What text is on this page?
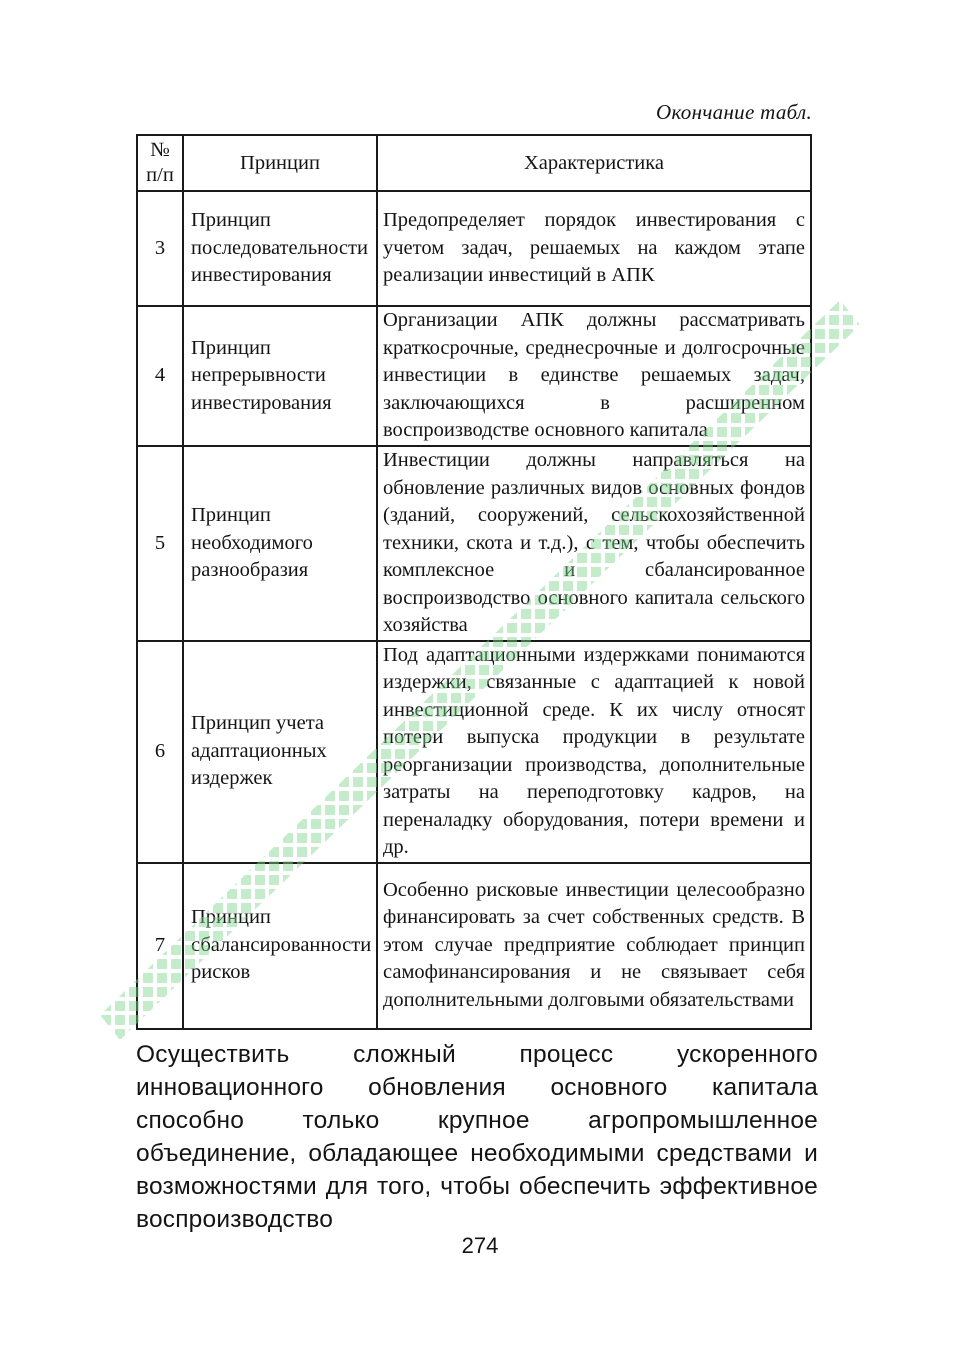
Окончание табл.
№ п/п	Принцип	Характеристика
3	Принцип последовательности инвестирования	Предопределяет порядок инвестирования с учетом задач, решаемых на каждом этапе реализации инвестиций в АПК
4	Принцип непрерывности инвестирования	Организации АПК должны рассматривать краткосрочные, среднесрочные и долгосрочные инвестиции в единстве решаемых задач, заключающихся в расширенном воспроизводстве основного капитала
5	Принцип необходимого разнообразия	Инвестиции должны направляться на обновление различных видов основных фондов (зданий, сооружений, сельскохозяйственной техники, скота и т.д.), с тем, чтобы обеспечить комплексное и сбалансированное воспроизводство основного капитала сельского хозяйства
6	Принцип учета адаптационных издержек	Под адаптационными издержками понимаются издержки, связанные с адаптацией к новой инвестиционной среде. К их числу относят потери выпуска продукции в результате реорганизации производства, дополнительные затраты на переподготовку кадров, на переналадку оборудования, потери времени и др.
7	Принцип сбалансированности рисков	Особенно рисковые инвестиции целесообразно финансировать за счет собственных средств. В этом случае предприятие соблюдает принцип самофинансирования и не связывает себя дополнительными долговыми обязательствами
Осуществить сложный процесс ускоренного инновационного обновления основного капитала способно только крупное агропромышленное объединение, обладающее необходимыми средствами и возможностями для того, чтобы обеспечить эффективное воспроизводство
274
